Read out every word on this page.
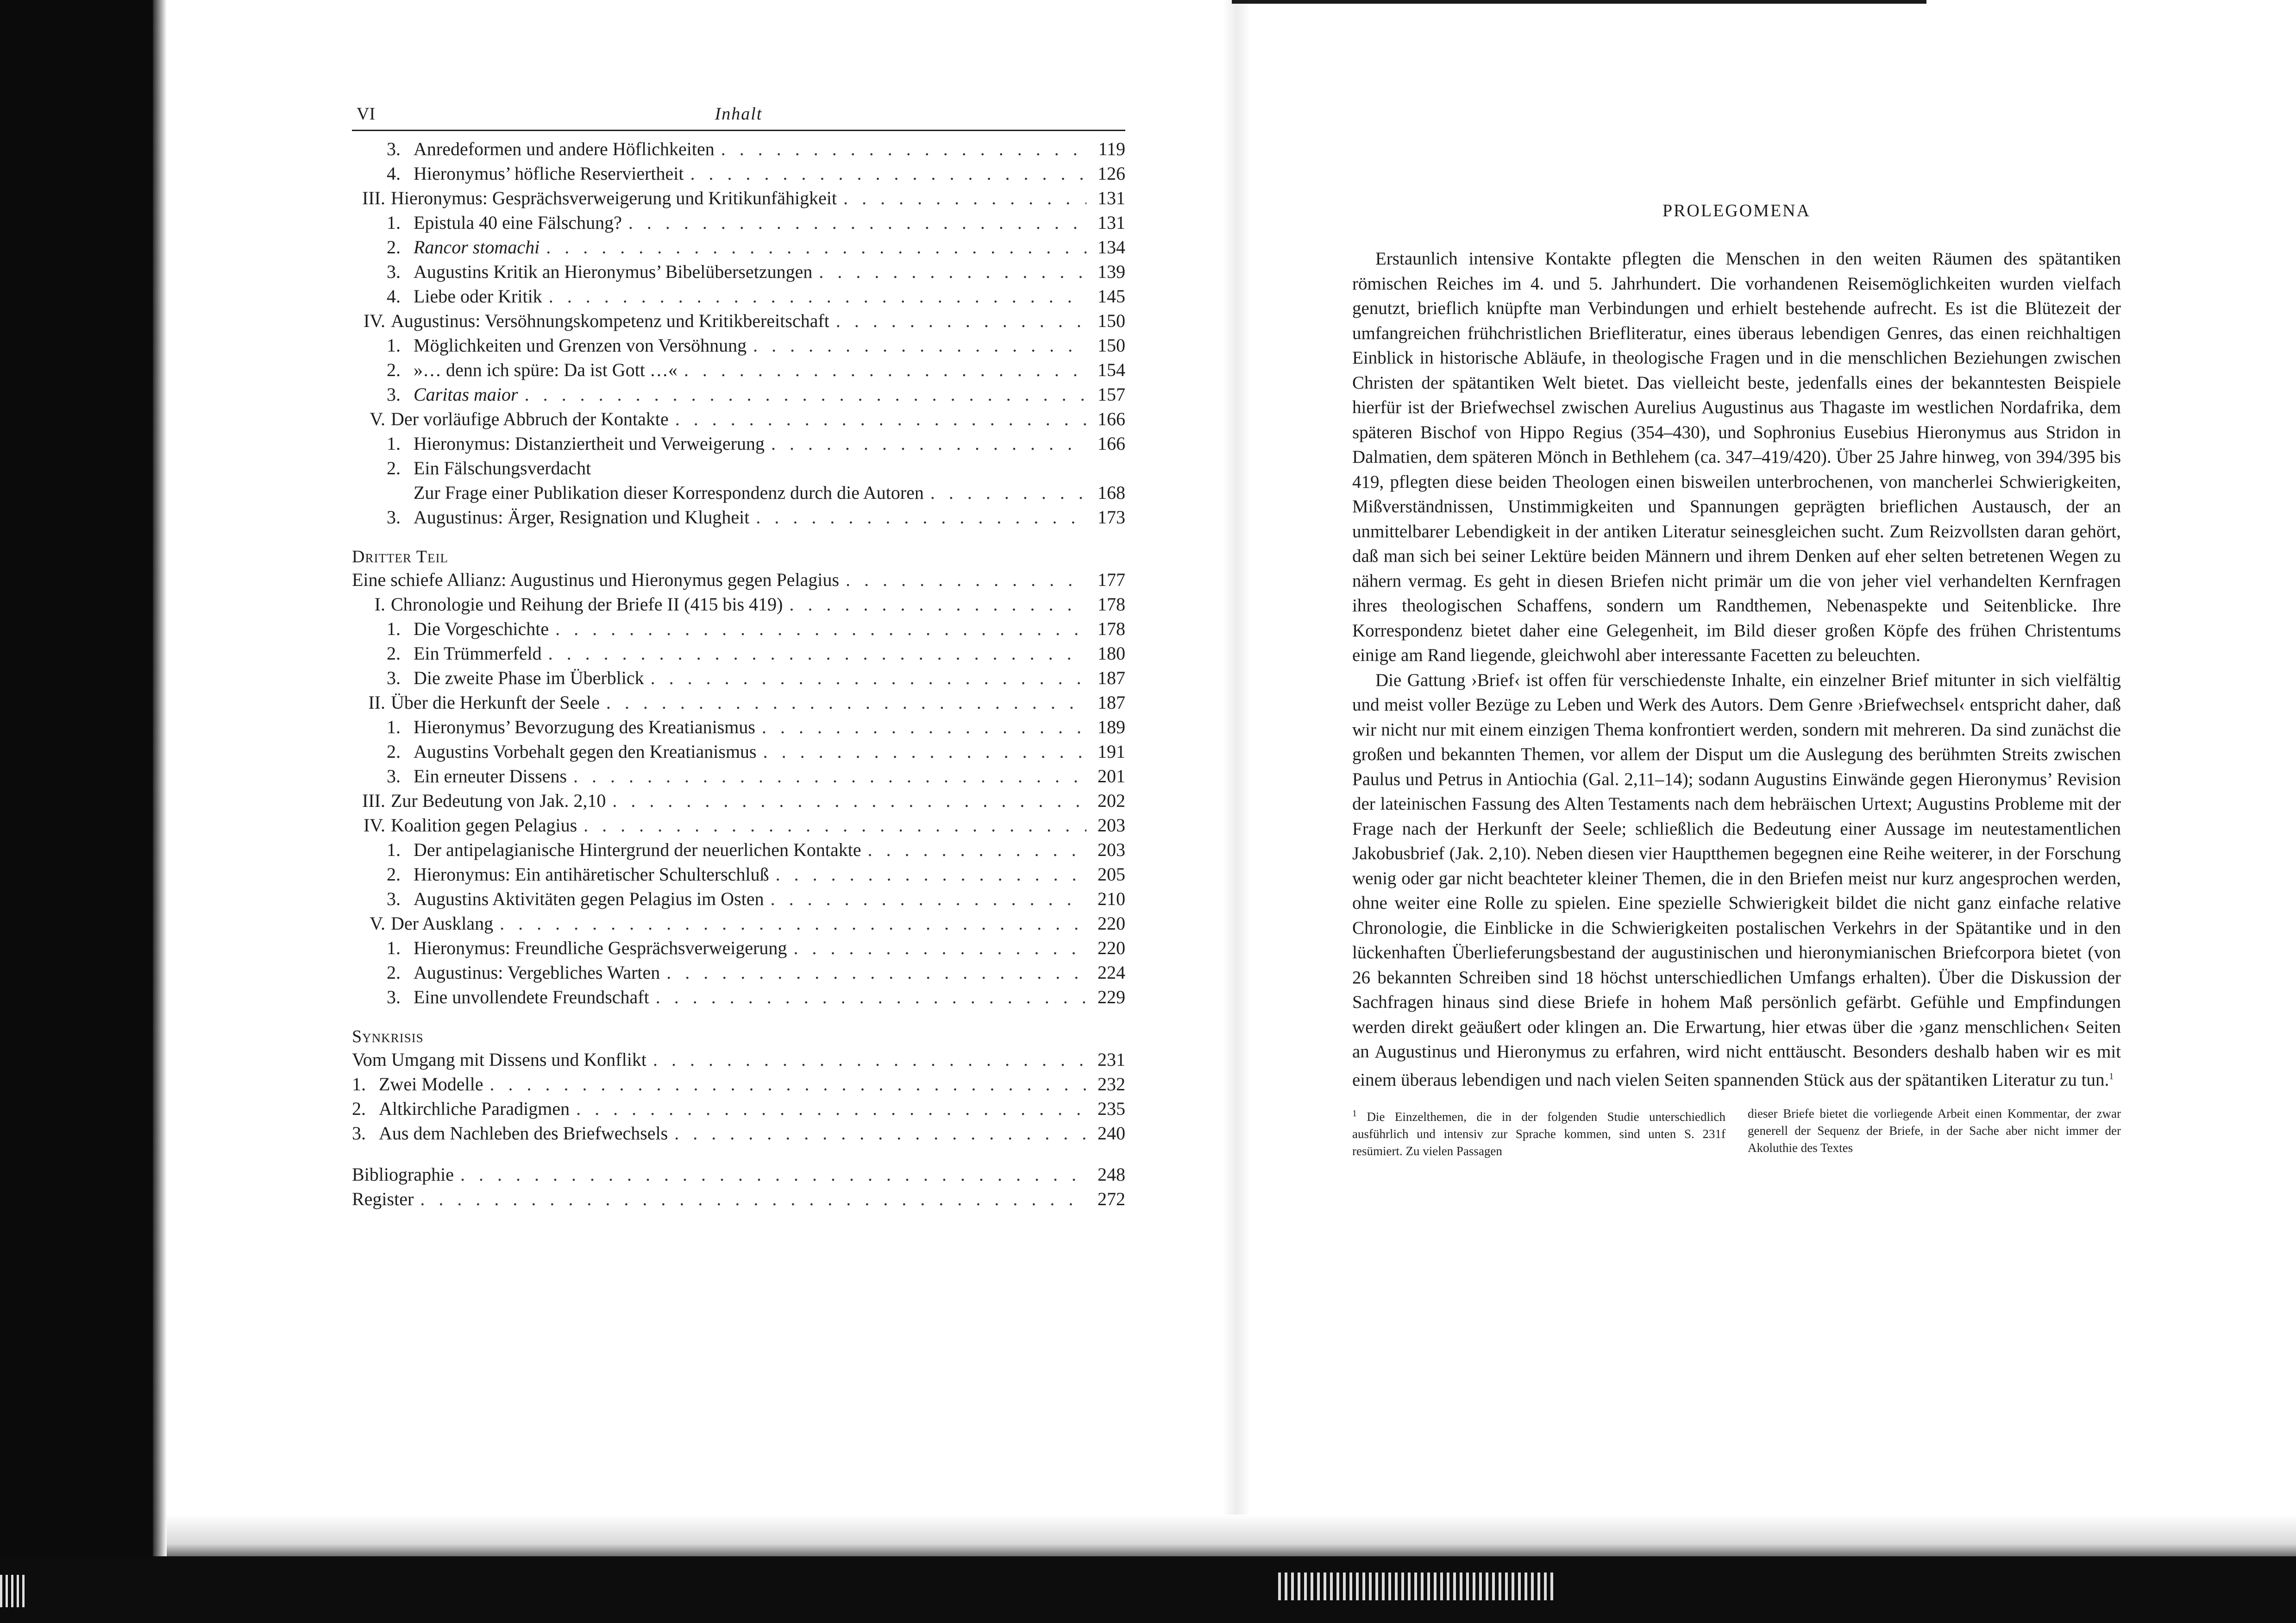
VI	Inhalt
3. Anredeformen und andere Höflichkeiten . . .	119
4. Hieronymus’ höfliche Reserviertheit . . .	126
III. Hieronymus: Gesprächsverweigerung und Kritikunfähigkeit . . .	131
1. Epistula 40 eine Fälschung? . . .	131
2. Rancor stomachi . . .	134
3. Augustins Kritik an Hieronymus’ Bibelübersetzungen . . .	139
4. Liebe oder Kritik . . .	145
IV. Augustinus: Versöhnungskompetenz und Kritikbereitschaft . . .	150
1. Möglichkeiten und Grenzen von Versöhnung . . .	150
2. »… denn ich spüre: Da ist Gott …« . . .	154
3. Caritas maior . . .	157
V. Der vorläufige Abbruch der Kontakte . . .	166
1. Hieronymus: Distanziertheit und Verweigerung . . .	166
2. Ein Fälschungsverdacht
Zur Frage einer Publikation dieser Korrespondenz durch die Autoren . . .	168
3. Augustinus: Ärger, Resignation und Klugheit . . .	173
Dritter Teil
Eine schiefe Allianz: Augustinus und Hieronymus gegen Pelagius . . .	177
I. Chronologie und Reihung der Briefe II (415 bis 419) . . .	178
1. Die Vorgeschichte . . .	178
2. Ein Trümmerfeld . . .	180
3. Die zweite Phase im Überblick . . .	187
II. Über die Herkunft der Seele . . .	187
1. Hieronymus’ Bevorzugung des Kreatianismus . . .	189
2. Augustins Vorbehalt gegen den Kreatianismus . . .	191
3. Ein erneuter Dissens . . .	201
III. Zur Bedeutung von Jak. 2,10 . . .	202
IV. Koalition gegen Pelagius . . .	203
1. Der antipelagianische Hintergrund der neuerlichen Kontakte . . .	203
2. Hieronymus: Ein antihäretischer Schulterschluß . . .	205
3. Augustins Aktivitäten gegen Pelagius im Osten . . .	210
V. Der Ausklang . . .	220
1. Hieronymus: Freundliche Gesprächsverweigerung . . .	220
2. Augustinus: Vergebliches Warten . . .	224
3. Eine unvollendete Freundschaft . . .	229
Synkrisis
Vom Umgang mit Dissens und Konflikt . . .	231
1. Zwei Modelle . . .	232
2. Altkirchliche Paradigmen . . .	235
3. Aus dem Nachleben des Briefwechsels . . .	240
Bibliographie . . .	248
Register . . .	272
PROLEGOMENA

Erstaunlich intensive Kontakte pflegten die Menschen in den weiten Räumen des spätantiken römischen Reiches im 4. und 5. Jahrhundert. Die vorhandenen Reisemöglichkeiten wurden vielfach genutzt, brieflich knüpfte man Verbindungen und erhielt bestehende aufrecht. Es ist die Blütezeit der umfangreichen frühchristlichen Briefliteratur, eines überaus lebendigen Genres, das einen reichhaltigen Einblick in historische Abläufe, in theologische Fragen und in die menschlichen Beziehungen zwischen Christen der spätantiken Welt bietet. Das vielleicht beste, jedenfalls eines der bekanntesten Beispiele hierfür ist der Briefwechsel zwischen Aurelius Augustinus aus Thagaste im westlichen Nordafrika, dem späteren Bischof von Hippo Regius (354–430), und Sophronius Eusebius Hieronymus aus Stridon in Dalmatien, dem späteren Mönch in Bethlehem (ca. 347–419/420). Über 25 Jahre hinweg, von 394/395 bis 419, pflegten diese beiden Theologen einen bisweilen unterbrochenen, von mancherlei Schwierigkeiten, Mißverständnissen, Unstimmigkeiten und Spannungen geprägten brieflichen Austausch, der an unmittelbarer Lebendigkeit in der antiken Literatur seinesgleichen sucht. Zum Reizvollsten daran gehört, daß man sich bei seiner Lektüre beiden Männern und ihrem Denken auf eher selten betretenen Wegen zu nähern vermag. Es geht in diesen Briefen nicht primär um die von jeher viel verhandelten Kernfragen ihres theologischen Schaffens, sondern um Randthemen, Nebenaspekte und Seitenblicke. Ihre Korrespondenz bietet daher eine Gelegenheit, im Bild dieser großen Köpfe des frühen Christentums einige am Rand liegende, gleichwohl aber interessante Facetten zu beleuchten.

Die Gattung ›Brief‹ ist offen für verschiedenste Inhalte, ein einzelner Brief mitunter in sich vielfältig und meist voller Bezüge zu Leben und Werk des Autors. Dem Genre ›Briefwechsel‹ entspricht daher, daß wir nicht nur mit einem einzigen Thema konfrontiert werden, sondern mit mehreren. Da sind zunächst die großen und bekannten Themen, vor allem der Disput um die Auslegung des berühmten Streits zwischen Paulus und Petrus in Antiochia (Gal. 2,11–14); sodann Augustins Einwände gegen Hieronymus’ Revision der lateinischen Fassung des Alten Testaments nach dem hebräischen Urtext; Augustins Probleme mit der Frage nach der Herkunft der Seele; schließlich die Bedeutung einer Aussage im neutestamentlichen Jakobusbrief (Jak. 2,10). Neben diesen vier Hauptthemen begegnen eine Reihe weiterer, in der Forschung wenig oder gar nicht beachteter kleiner Themen, die in den Briefen meist nur kurz angesprochen werden, ohne weiter eine Rolle zu spielen. Eine spezielle Schwierigkeit bildet die nicht ganz einfache relative Chronologie, die Einblicke in die Schwierigkeiten postalischen Verkehrs in der Spätantike und in den lückenhaften Überlieferungsbestand der augustinischen und hieronymianischen Briefcorpora bietet (von 26 bekannten Schreiben sind 18 höchst unterschiedlichen Umfangs erhalten). Über die Diskussion der Sachfragen hinaus sind diese Briefe in hohem Maß persönlich gefärbt. Gefühle und Empfindungen werden direkt geäußert oder klingen an. Die Erwartung, hier etwas über die ›ganz menschlichen‹ Seiten an Augustinus und Hieronymus zu erfahren, wird nicht enttäuscht. Besonders deshalb haben wir es mit einem überaus lebendigen und nach vielen Seiten spannenden Stück aus der spätantiken Literatur zu tun.$^1$

$^1$ Die Einzelthemen, die in der folgenden Studie unterschiedlich ausführlich und intensiv zur Sprache kommen, sind unten S. 231f resümiert. Zu vielen Passagen
dieser Briefe bietet die vorliegende Arbeit einen Kommentar, der zwar generell der Sequenz der Briefe, in der Sache aber nicht immer der Akoluthie des Textes
